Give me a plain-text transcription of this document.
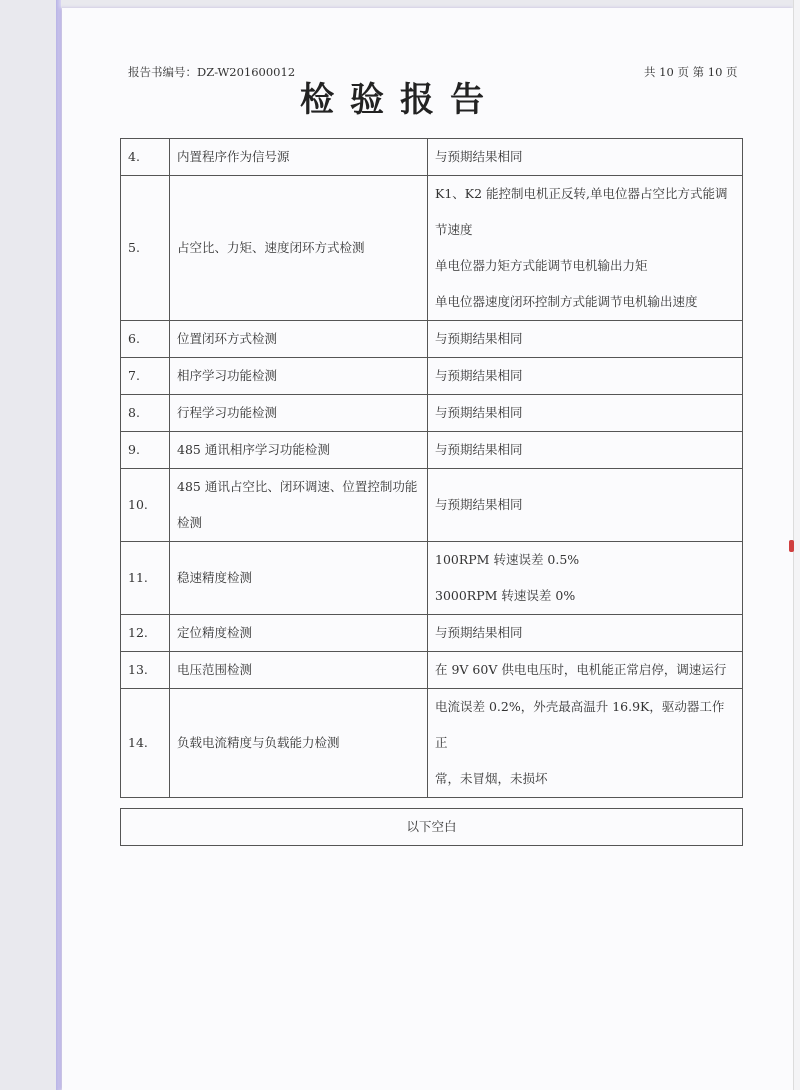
报告书编号：DZ-W201600012	共 10 页 第 10 页
检验报告
4.	内置程序作为信号源	与预期结果相同

5.	占空比、力矩、速度闭环方式检测	K1、K2 能控制电机正反转,单电位器占空比方式能调
节速度
单电位器力矩方式能调节电机输出力矩
单电位器速度闭环控制方式能调节电机输出速度

6.	位置闭环方式检测	与预期结果相同

7.	相序学习功能检测	与预期结果相同

8.	行程学习功能检测	与预期结果相同

9.	485 通讯相序学习功能检测	与预期结果相同

10.	485 通讯占空比、闭环调速、位置控制功能检测	与预期结果相同

11.	稳速精度检测	100RPM 转速误差 0.5%
3000RPM 转速误差 0%

12.	定位精度检测	与预期结果相同

13.	电压范围检测	在 9V 60V 供电电压时，电机能正常启停，调速运行

14.	负载电流精度与负载能力检测	电流误差 0.2%，外壳最高温升 16.9K，驱动器工作正
常，未冒烟，未损坏
以下空白
